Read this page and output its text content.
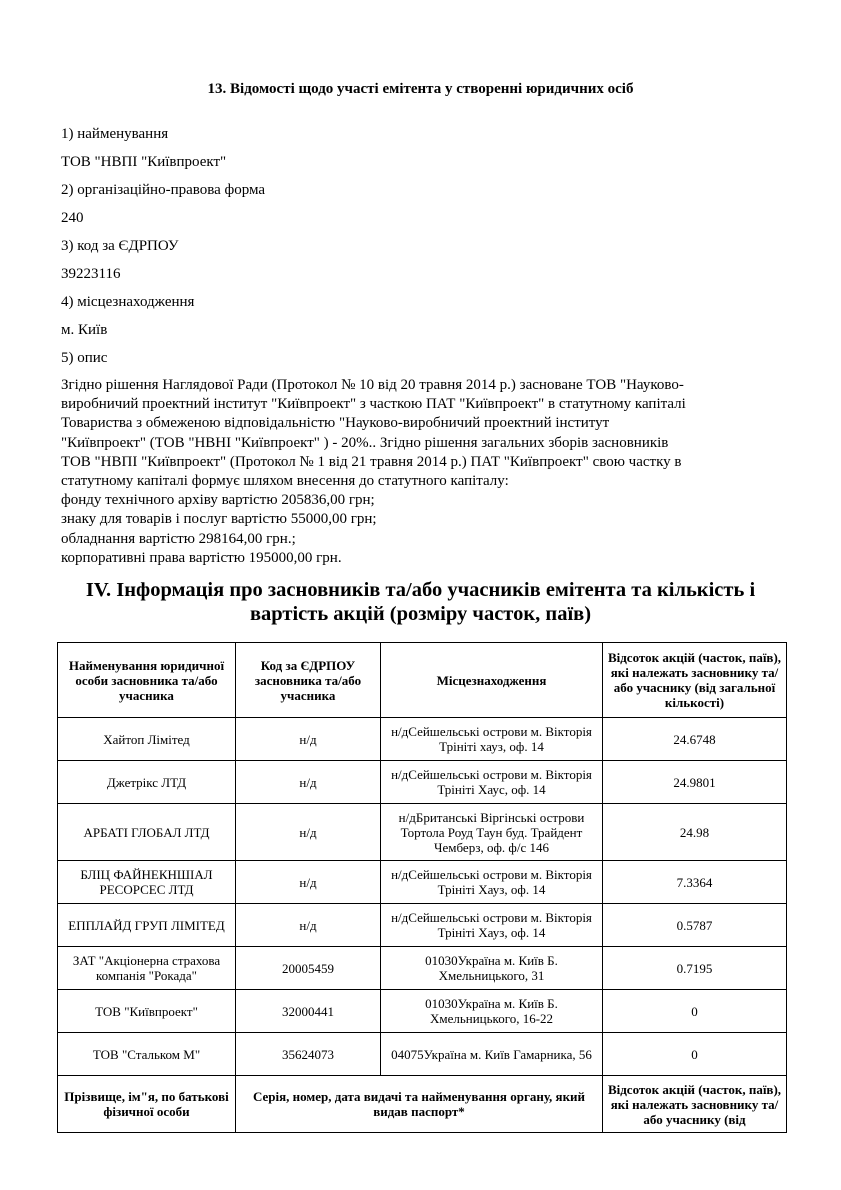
13. Відомості щодо участі емітента у створенні юридичних осіб
1) найменування
ТОВ "НВПІ "Київпроект"
2) організаційно-правова форма
240
3) код за ЄДРПОУ
39223116
4) місцезнаходження
м. Київ
5) опис
Згідно рішення Наглядової Ради (Протокол № 10 від 20 травня 2014 р.) засноване ТОВ "Науково-
виробничий проектний інститут "Київпроект" з часткою ПАТ "Київпроект" в статутному капіталі
Товариства з обмеженою відповідальністю "Науково-виробничий проектний інститут
"Київпроект" (ТОВ "НВНІ "Київпроект" ) - 20%.. Згідно рішення загальних зборів засновників
ТОВ "НВПІ "Київпроект" (Протокол № 1 від 21 травня 2014 р.) ПАТ "Київпроект" свою частку в
статутному капіталі формує шляхом внесення до статутного капіталу:
фонду технічного архіву вартістю 205836,00 грн;
знаку для товарів і послуг вартістю 55000,00 грн;
обладнання вартістю 298164,00 грн.;
корпоративні права вартістю 195000,00 грн.
IV. Інформація про засновників та/або учасників емітента та кількість і
вартість акцій (розміру часток, паїв)
Найменування юридичної особи засновника та/або учасника	Код за ЄДРПОУ засновника та/або учасника	Місцезнаходження	Відсоток акцій (часток, паїв), які належать засновнику та/або учаснику (від загальної кількості)
Хайтоп Лімітед	н/д	н/дСейшельські острови м. Вікторія Трініті хауз, оф. 14	24.6748
Джетрікс ЛТД	н/д	н/дСейшельські острови м. Вікторія Трініті Хаус, оф. 14	24.9801
АРБАТІ ГЛОБАЛ ЛТД	н/д	н/дБританські Віргінські острови Тортола Роуд Таун буд. Трайдент Чемберз, оф. ф/с 146	24.98
БЛІЦ ФАЙНЕКНШІАЛ РЕСОРСЕС ЛТД	н/д	н/дСейшельські острови м. Вікторія Трініті Хауз, оф. 14	7.3364
ЕППЛАЙД ГРУП ЛІМІТЕД	н/д	н/дСейшельські острови м. Вікторія Трініті Хауз, оф. 14	0.5787
ЗАТ "Акціонерна страхова компанія "Рокада"	20005459	01030Україна м. Київ Б. Хмельницького, 31	0.7195
ТОВ "Київпроект"	32000441	01030Україна м. Київ Б. Хмельницького, 16-22	0
ТОВ "Стальком М"	35624073	04075Україна м. Київ Гамарника, 56	0
Прізвище, ім"я, по батькові фізичної особи	Серія, номер, дата видачі та найменування органу, який видав паспорт*		Відсоток акцій (часток, паїв), які належать засновнику та/або учаснику (від
